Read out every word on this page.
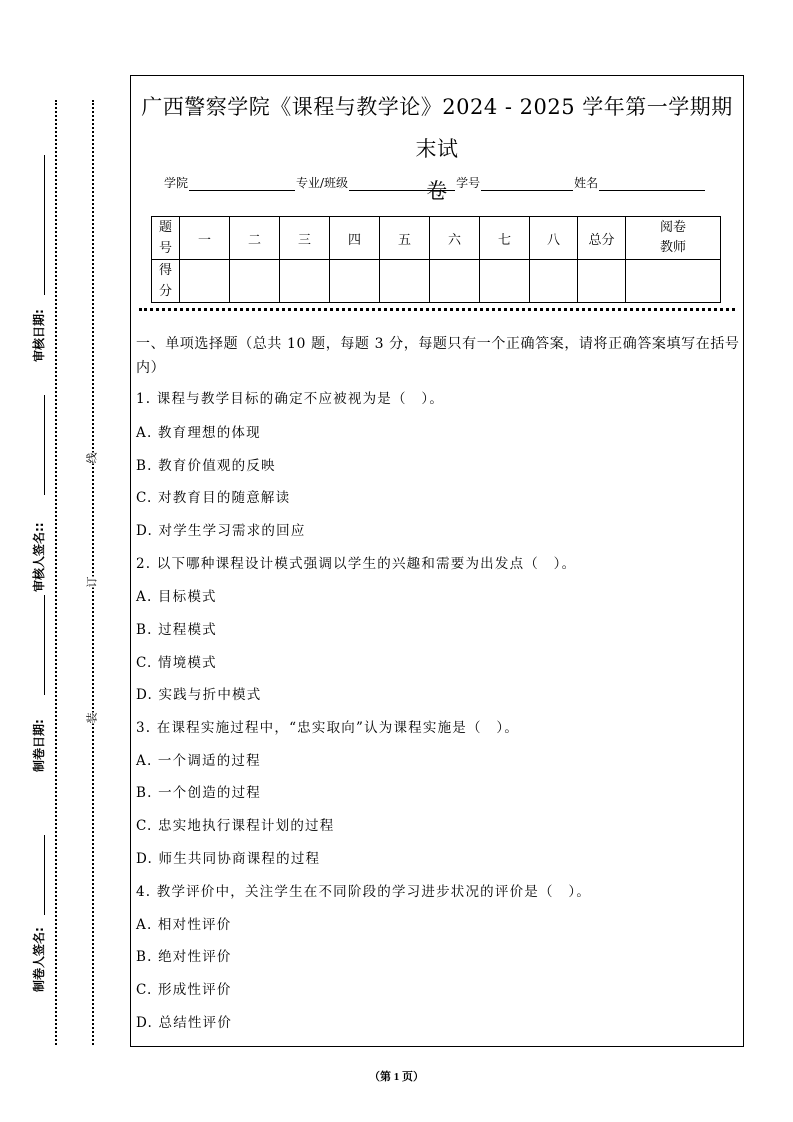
审核日期:
审核人签名::
制卷日期:
制卷人签名:
线
订
装
广西警察学院《课程与教学论》2024 - 2025 学年第一学期期末试
卷
学院	专业/班级	学号	姓名
题号	一	二	三	四	五	六	七	八	总分	阅卷教师
得分										
一、单项选择题（总共 10 题，每题 3 分，每题只有一个正确答案，请将正确答案填写在括号内）
1. 课程与教学目标的确定不应被视为是（　）。
A. 教育理想的体现
B. 教育价值观的反映
C. 对教育目的随意解读
D. 对学生学习需求的回应
2. 以下哪种课程设计模式强调以学生的兴趣和需要为出发点（　）。
A. 目标模式
B. 过程模式
C. 情境模式
D. 实践与折中模式
3. 在课程实施过程中，“忠实取向”认为课程实施是（　）。
A. 一个调适的过程
B. 一个创造的过程
C. 忠实地执行课程计划的过程
D. 师生共同协商课程的过程
4. 教学评价中，关注学生在不同阶段的学习进步状况的评价是（　）。
A. 相对性评价
B. 绝对性评价
C. 形成性评价
D. 总结性评价
（第 1 页）
